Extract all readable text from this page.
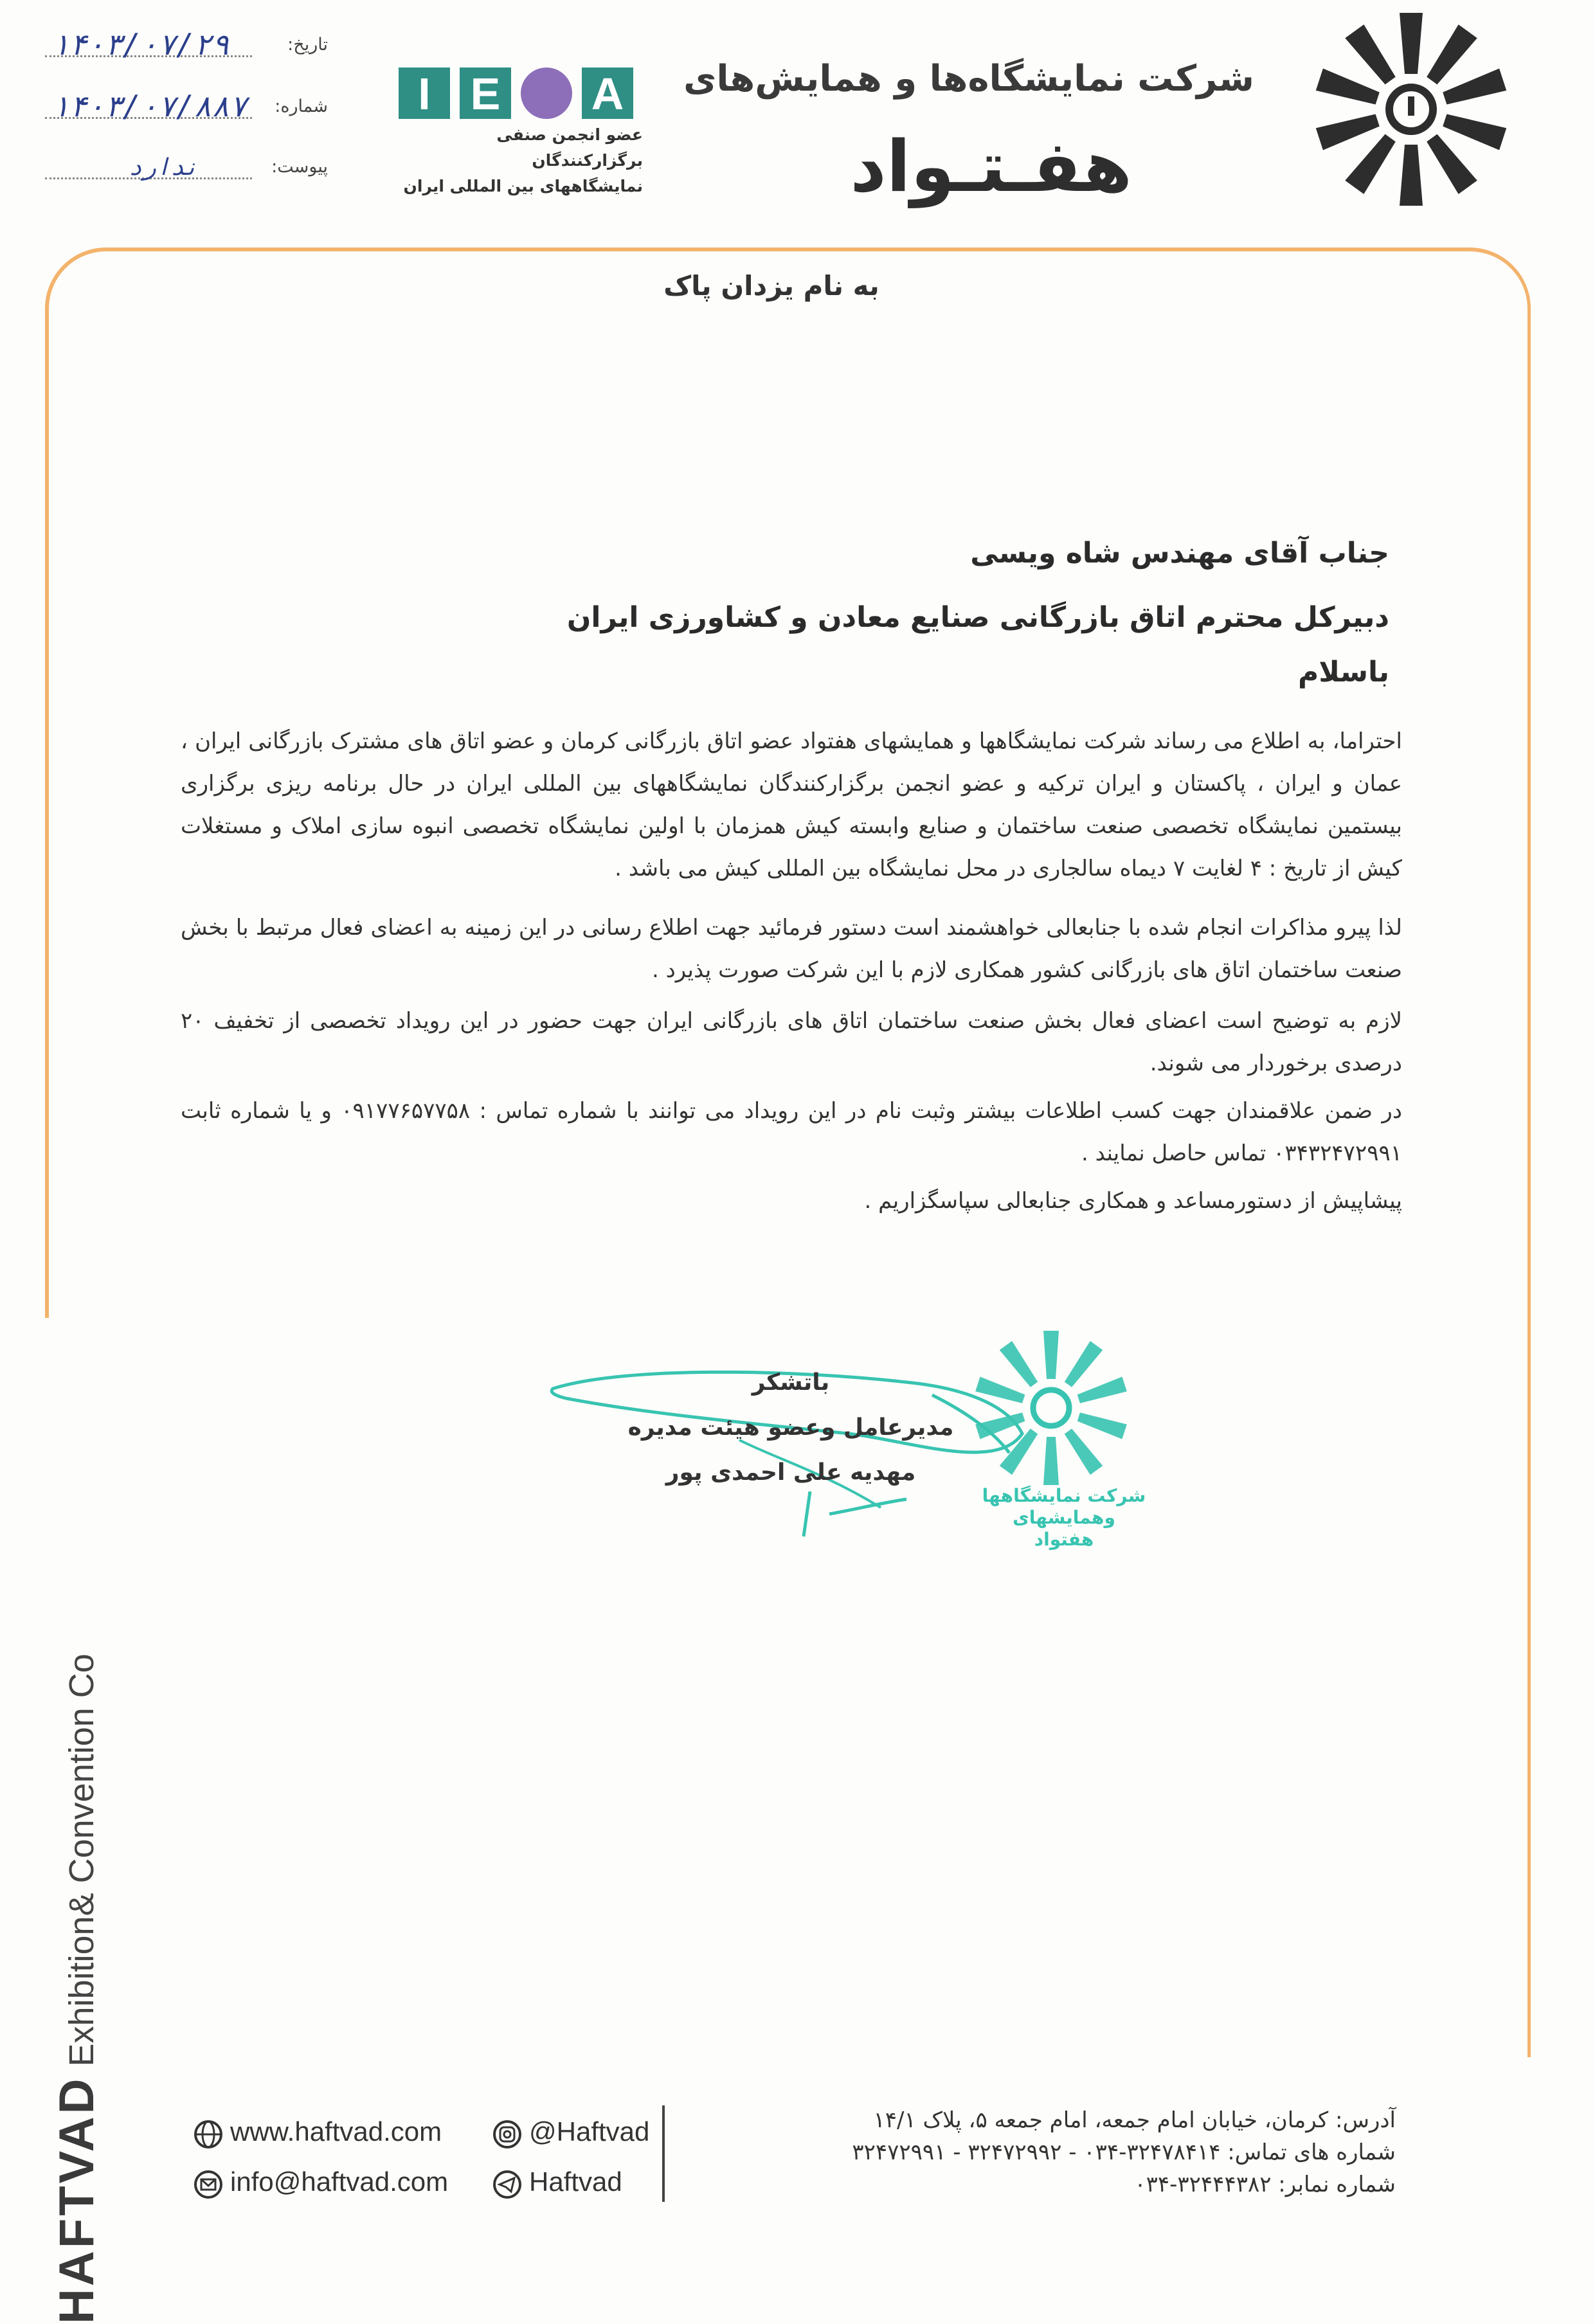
شرکت نمایشگاه‌ها و همایش‌های
هفـتـواد
I E A
عضو انجمن صنفی برگزارکنندگان
نمایشگاههای بین المللی ایران
تاریخ:
۱۴۰۳/۰۷/۲۹
شماره:
۱۴۰۳/۰۷/۸۸۷
پیوست:
ندارد
به نام یزدان پاک
جناب آقای مهندس شاه ویسی
دبیرکل محترم اتاق بازرگانی صنایع معادن و کشاورزی ایران
باسلام
احتراما، به اطلاع می رساند شرکت نمایشگاهها و همایشهای هفتواد عضو اتاق بازرگانی کرمان و عضو اتاق های مشترک بازرگانی ایران ، عمان و ایران ، پاکستان و ایران ترکیه و عضو انجمن برگزارکنندگان نمایشگاههای بین المللی ایران در حال برنامه ریزی برگزاری بیستمین نمایشگاه تخصصی صنعت ساختمان و صنایع وابسته کیش همزمان با اولین نمایشگاه تخصصی انبوه سازی املاک و مستغلات کیش از تاریخ : ۴ لغایت ۷ دیماه سالجاری در محل نمایشگاه بین المللی کیش می باشد .
لذا پیرو مذاکرات انجام شده با جنابعالی خواهشمند است دستور فرمائید جهت اطلاع رسانی در این زمینه به اعضای فعال مرتبط با بخش صنعت ساختمان اتاق های بازرگانی کشور همکاری لازم با این شرکت صورت پذیرد .
لازم به توضیح است اعضای فعال بخش صنعت ساختمان اتاق های بازرگانی ایران جهت حضور در این رویداد تخصصی از تخفیف ۲۰ درصدی برخوردار می شوند.
در ضمن علاقمندان جهت کسب اطلاعات بیشتر وثبت نام در این رویداد می توانند با شماره تماس : ۰۹۱۷۷۶۵۷۷۵۸ و یا شماره ثابت ۰۳۴۳۲۴۷۲۹۹۱ تماس حاصل نمایند .
پیشاپیش از دستورمساعد و همکاری جنابعالی سپاسگزاریم .
باتشکر
مدیرعامل وعضو هیئت مدیره
مهدیه علی احمدی پور
شرکت نمایشگاهها وهمایشهای
هفتواد
HAFTVAD Exhibition& Convention Co
آدرس: کرمان، خیابان امام جمعه، امام جمعه ۵، پلاک ۱۴/۱
شماره های تماس: ۳۲۴۷۸۴۱۴-۰۳۴ - ۳۲۴۷۲۹۹۲ - ۳۲۴۷۲۹۹۱
شماره نمابر: ۳۲۴۴۴۳۸۲-۰۳۴
www.haftvad.com
info@haftvad.com
@Haftvad
Haftvad
